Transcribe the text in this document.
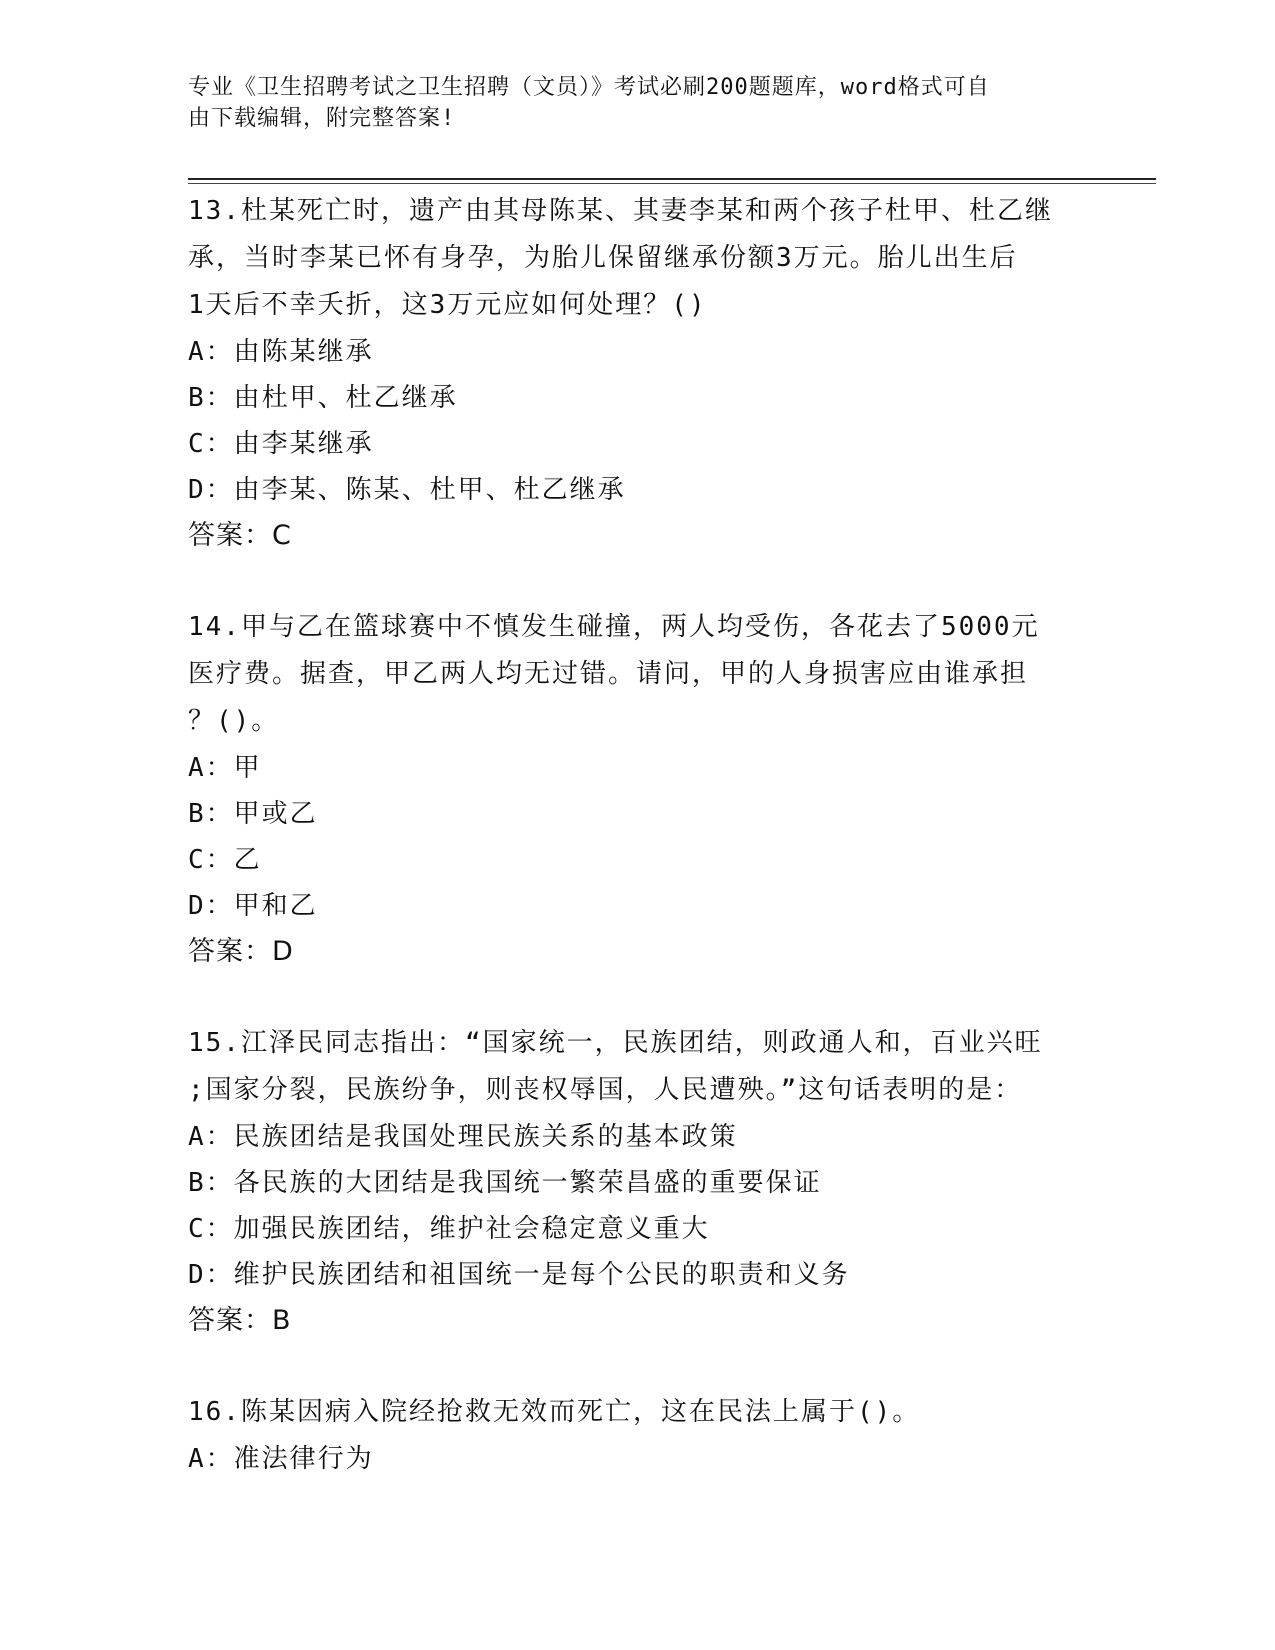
专业《卫生招聘考试之卫生招聘（文员）》考试必刷200题题库，word格式可自
由下载编辑，附完整答案!

13.杜某死亡时，遗产由其母陈某、其妻李某和两个孩子杜甲、杜乙继

承，当时李某已怀有身孕，为胎儿保留继承份额3万元。胎儿出生后

1天后不幸夭折，这3万元应如何处理？()

A：由陈某继承

B：由杜甲、杜乙继承

C：由李某继承

D：由李某、陈某、杜甲、杜乙继承

答案：C

14.甲与乙在篮球赛中不慎发生碰撞，两人均受伤，各花去了5000元

医疗费。据查，甲乙两人均无过错。请问，甲的人身损害应由谁承担

？()。

A：甲

B：甲或乙

C：乙

D：甲和乙

答案：D

15.江泽民同志指出：“国家统一，民族团结，则政通人和，百业兴旺

;国家分裂，民族纷争，则丧权辱国，人民遭殃。”这句话表明的是：

A：民族团结是我国处理民族关系的基本政策

B：各民族的大团结是我国统一繁荣昌盛的重要保证

C：加强民族团结，维护社会稳定意义重大

D：维护民族团结和祖国统一是每个公民的职责和义务

答案：B

16.陈某因病入院经抢救无效而死亡，这在民法上属于()。

A：准法律行为
